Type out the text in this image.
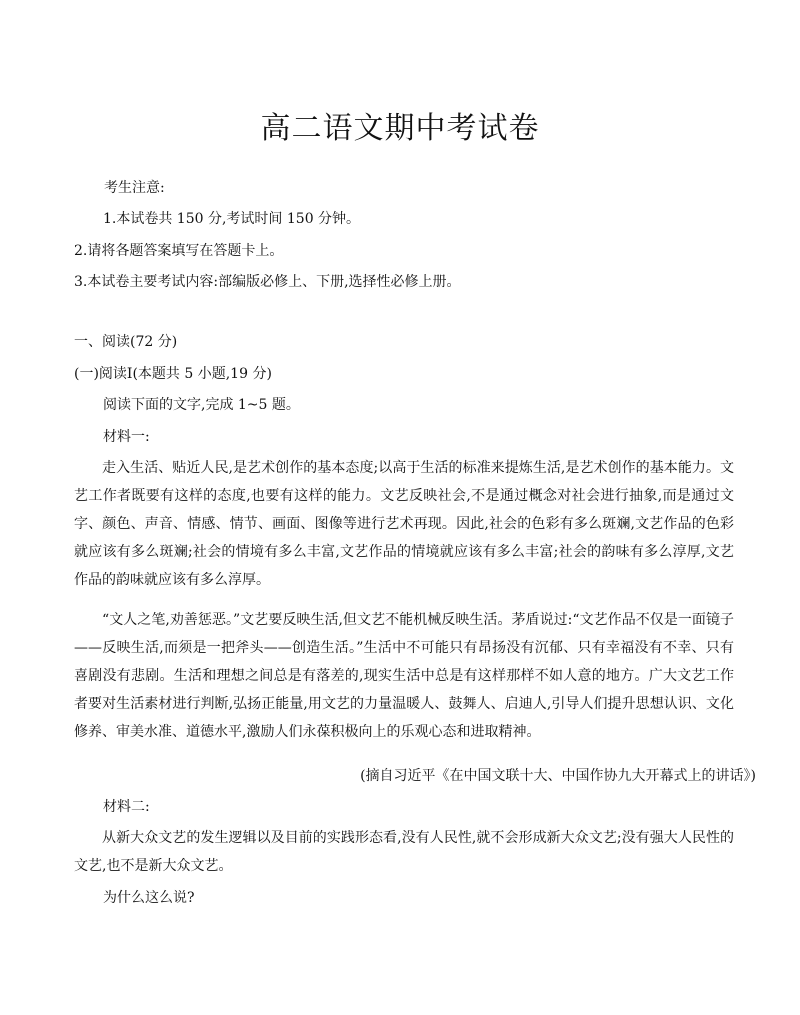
高二语文期中考试卷
考生注意:
1.本试卷共 150 分,考试时间 150 分钟。
2.请将各题答案填写在答题卡上。
3.本试卷主要考试内容:部编版必修上、下册,选择性必修上册。
一、阅读(72 分)
(一)阅读I(本题共 5 小题,19 分)
阅读下面的文字,完成 1~5 题。
材料一:
走入生活、贴近人民,是艺术创作的基本态度;以高于生活的标准来提炼生活,是艺术创作的基本能力。文艺工作者既要有这样的态度,也要有这样的能力。文艺反映社会,不是通过概念对社会进行抽象,而是通过文字、颜色、声音、情感、情节、画面、图像等进行艺术再现。因此,社会的色彩有多么斑斓,文艺作品的色彩就应该有多么斑斓;社会的情境有多么丰富,文艺作品的情境就应该有多么丰富;社会的韵味有多么淳厚,文艺作品的韵味就应该有多么淳厚。
“文人之笔,劝善惩恶。”文艺要反映生活,但文艺不能机械反映生活。茅盾说过:“文艺作品不仅是一面镜子——反映生活,而须是一把斧头——创造生活。”生活中不可能只有昂扬没有沉郁、只有幸福没有不幸、只有喜剧没有悲剧。生活和理想之间总是有落差的,现实生活中总是有这样那样不如人意的地方。广大文艺工作者要对生活素材进行判断,弘扬正能量,用文艺的力量温暖人、鼓舞人、启迪人,引导人们提升思想认识、文化修养、审美水准、道德水平,激励人们永葆积极向上的乐观心态和进取精神。
(摘自习近平《在中国文联十大、中国作协九大开幕式上的讲话》)
材料二:
从新大众文艺的发生逻辑以及目前的实践形态看,没有人民性,就不会形成新大众文艺;没有强大人民性的文艺,也不是新大众文艺。
为什么这么说?
